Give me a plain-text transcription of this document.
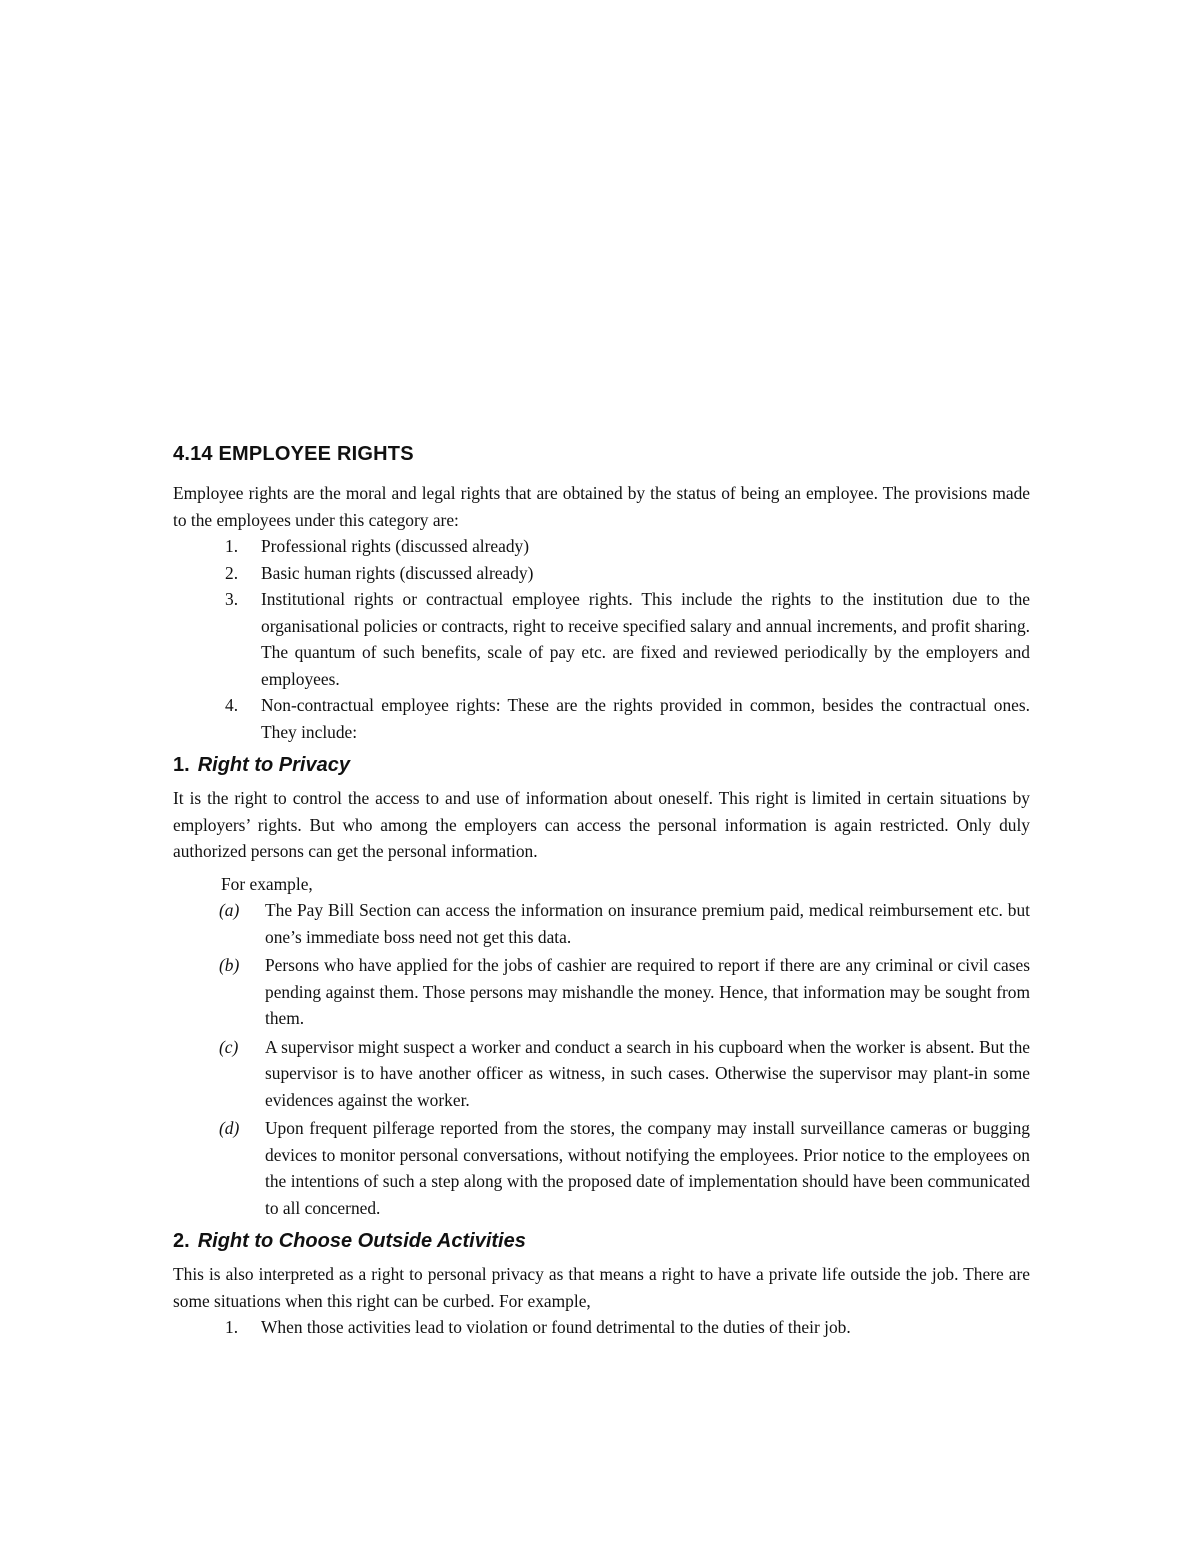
4.14 EMPLOYEE RIGHTS

Employee rights are the moral and legal rights that are obtained by the status of being an employee. The provisions made to the employees under this category are:

1.	Professional rights (discussed already)
2.	Basic human rights (discussed already)
3.	Institutional rights or contractual employee rights. This include the rights to the institution due to the organisational policies or contracts, right to receive specified salary and annual increments, and profit sharing. The quantum of such benefits, scale of pay etc. are fixed and reviewed periodically by the employers and employees.
4.	Non-contractual employee rights: These are the rights provided in common, besides the contractual ones. They include:
1. Right to Privacy

It is the right to control the access to and use of information about oneself. This right is limited in certain situations by employers’ rights. But who among the employers can access the personal information is again restricted. Only duly authorized persons can get the personal information.

For example,

(a)	The Pay Bill Section can access the information on insurance premium paid, medical reimbursement etc. but one’s immediate boss need not get this data.
(b)	Persons who have applied for the jobs of cashier are required to report if there are any criminal or civil cases pending against them. Those persons may mishandle the money. Hence, that information may be sought from them.
(c)	A supervisor might suspect a worker and conduct a search in his cupboard when the worker is absent. But the supervisor is to have another officer as witness, in such cases. Otherwise the supervisor may plant-in some evidences against the worker.
(d)	Upon frequent pilferage reported from the stores, the company may install surveillance cameras or bugging devices to monitor personal conversations, without notifying the employees. Prior notice to the employees on the intentions of such a step along with the proposed date of implementation should have been communicated to all concerned.
2. Right to Choose Outside Activities

This is also interpreted as a right to personal privacy as that means a right to have a private life outside the job. There are some situations when this right can be curbed. For example,

1.	When those activities lead to violation or found detrimental to the duties of their job.
